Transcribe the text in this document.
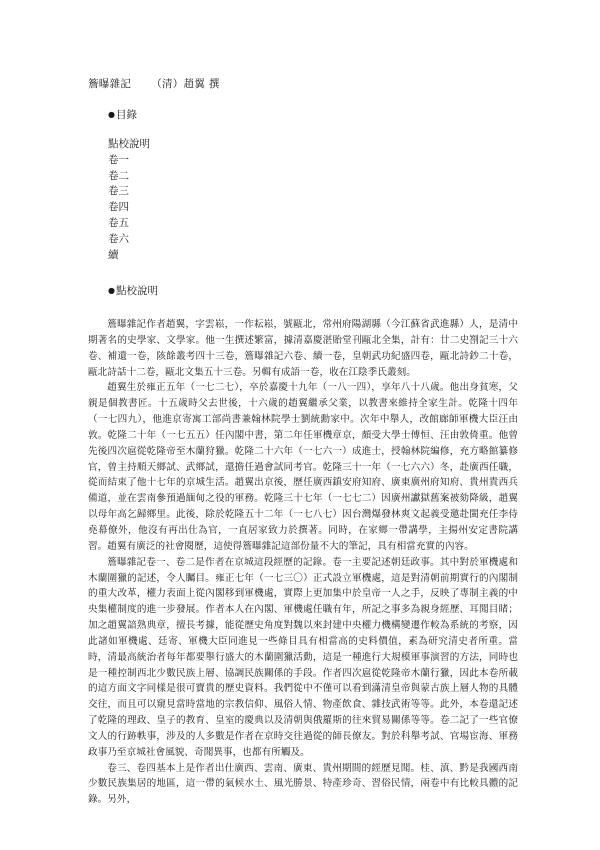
簷曝雜記 （清）趙翼 撰
●目錄
點校說明
卷一
卷二
卷三
卷四
卷五
卷六
續
●點校說明

簷曝雜記作者趙翼，字雲崧，一作耘崧，號甌北，常州府陽湖縣（今江蘇省武進縣）人，是清中期著名的史學家、文學家。他一生撰述繁富，據清嘉慶湛貽堂刊甌北全集，計有：廿二史劄記三十六卷、補遺一卷，陔餘叢考四十三卷，簷曝雜記六卷、續一卷，皇朝武功紀盛四卷，甌北詩鈔二十卷，甌北詩話十二卷，甌北文集五十三卷。另輯有成語一卷，收在江陰季氏叢刻。

趙翼生於雍正五年（一七二七），卒於嘉慶十九年（一八一四），享年八十八歲。他出身貧寒，父親是個教書匠。十五歲時父去世後，十六歲的趙翼繼承父業，以教書來維持全家生計。乾隆十四年（一七四九），他進京寄寓工部尚書兼翰林院學士劉統勳家中。次年中舉人，改館廊師軍機大臣汪由敦。乾隆二十年（一七五五）任內閣中書，第二年任軍機章京，頗受大學士傅恒、汪由敦倚重。他曾先後四次扈從乾隆帝至木蘭狩獵。乾隆二十六年（一七六一）成進士，授翰林院編修，充方略館纂修官，曾主持順天鄉試、武鄉試，還擔任過會試同考官。乾隆三十一年（一七六六）冬，赴廣西任職，從而結束了他十七年的京城生活。趙翼出京後，歷任廣西鎮安府知府、廣東廣州府知府、貴州貴西兵備道，並在雲南參預過緬甸之役的軍務。乾隆三十七年（一七七二）因廣州讞獄舊案被劾降級，趙翼以母年高乞歸鄉里。此後，除於乾隆五十二年（一七八七）因台灣爆發林爽文起義受邀赴閩充任李侍堯幕僚外，他沒有再出仕為官，一直居家致力於撰著。同時，在家鄉一帶講學，主揚州安定書院講習。趙翼有廣泛的社會閱歷，這使得簷曝雜記這部份量不大的筆記，具有相當充實的內容。

簷曝雜記卷一、卷二是作者在京城這段經歷的記錄。卷一主要記述朝廷政事。其中對於軍機處和木蘭圍獵的記述，令人矚目。雍正七年（一七三〇）正式設立軍機處，這是對清朝前期實行的內閣制的重大改革，權力表面上從內閣移到軍機處，實際上更加集中於皇帝一人之手，反映了專制主義的中央集權制度的進一步發展。作者本人在內閣、軍機處任職有年，所記之事多為親身經歷、耳聞目睹；加之趙翼諳熟典章，擅長考據，能從歷史角度對魏以來封建中央權力機構變遷作較為系統的考察，因此諸如軍機處、廷寄、軍機大臣同進見一些條目具有相當高的史料價值，素為研究清史者所重。當時，清最高統治者每年都要舉行盛大的木蘭圍獵活動，這是一種進行大規模軍事演習的方法，同時也是一種控制西北少數民族上層、協調民族關係的手段。作者四次扈從乾隆帝木蘭行獵，因此本卷所載的這方面文字同樣是很可寶貴的歷史資料。我們從中不僅可以看到滿清皇帝與蒙古族上層人物的具體交往，而且可以窺見當時當地的宗教信仰、風俗人情、物產飲食、雜技武術等等。此外，本卷還記述了乾隆的理政、皇子的教育、皇室的慶典以及清朝與俄羅斯的往來貿易關係等等。卷二記了一些官僚文人的行跡軼事，涉及的人多數是作者在京時交往過從的師長僚友。對於科舉考試、官場宦海、軍務政事乃至京城社會風貌、奇聞異事，也都有所觸及。

卷三、卷四基本上是作者出仕廣西、雲南、廣東、貴州期間的經歷見聞。桂、滇、黔是我國西南少數民族集居的地區，這一帶的氣候水土、風光勝景、特產珍奇、習俗民情，兩卷中有比較具體的記錄。另外，
